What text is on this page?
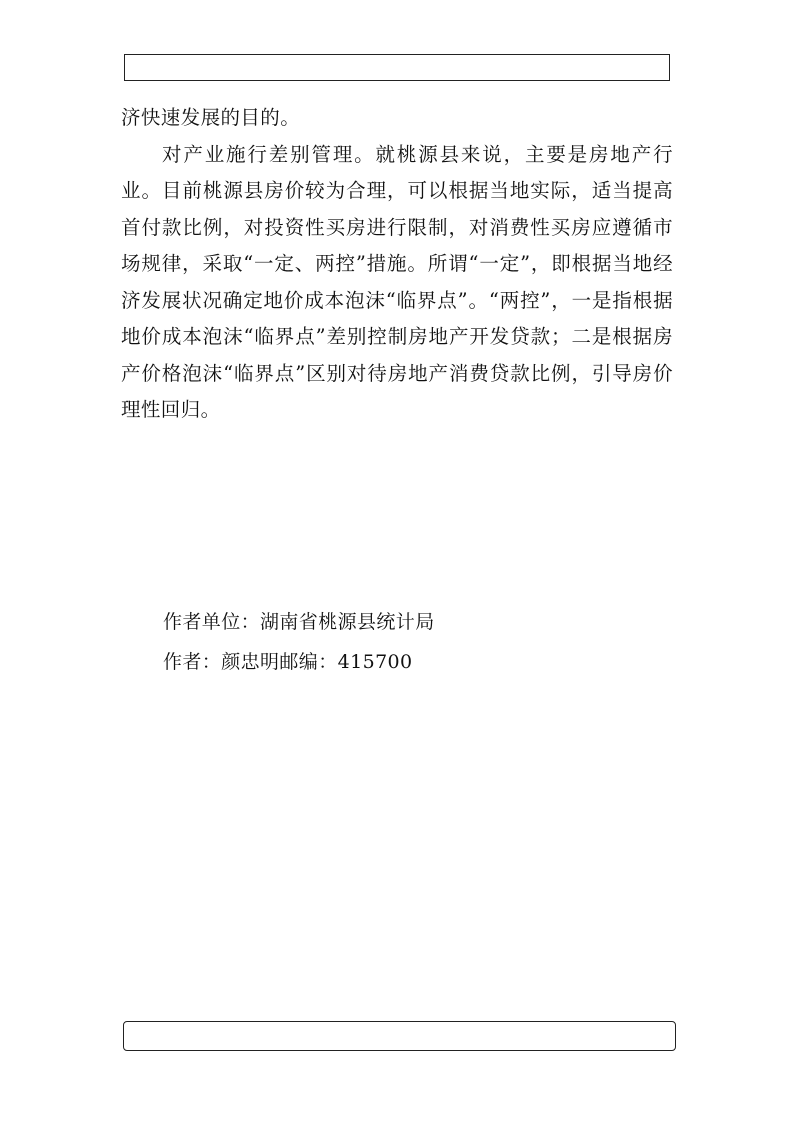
济快速发展的目的。

对产业施行差别管理。就桃源县来说，主要是房地产行业。目前桃源县房价较为合理，可以根据当地实际，适当提高首付款比例，对投资性买房进行限制，对消费性买房应遵循市场规律，采取“一定、两控”措施。所谓“一定”，即根据当地经济发展状况确定地价成本泡沫“临界点”。“两控”，一是指根据地价成本泡沫“临界点”差别控制房地产开发贷款；二是根据房产价格泡沫“临界点”区别对待房地产消费贷款比例，引导房价理性回归。

作者单位：湖南省桃源县统计局
作者：颜忠明邮编：415700
